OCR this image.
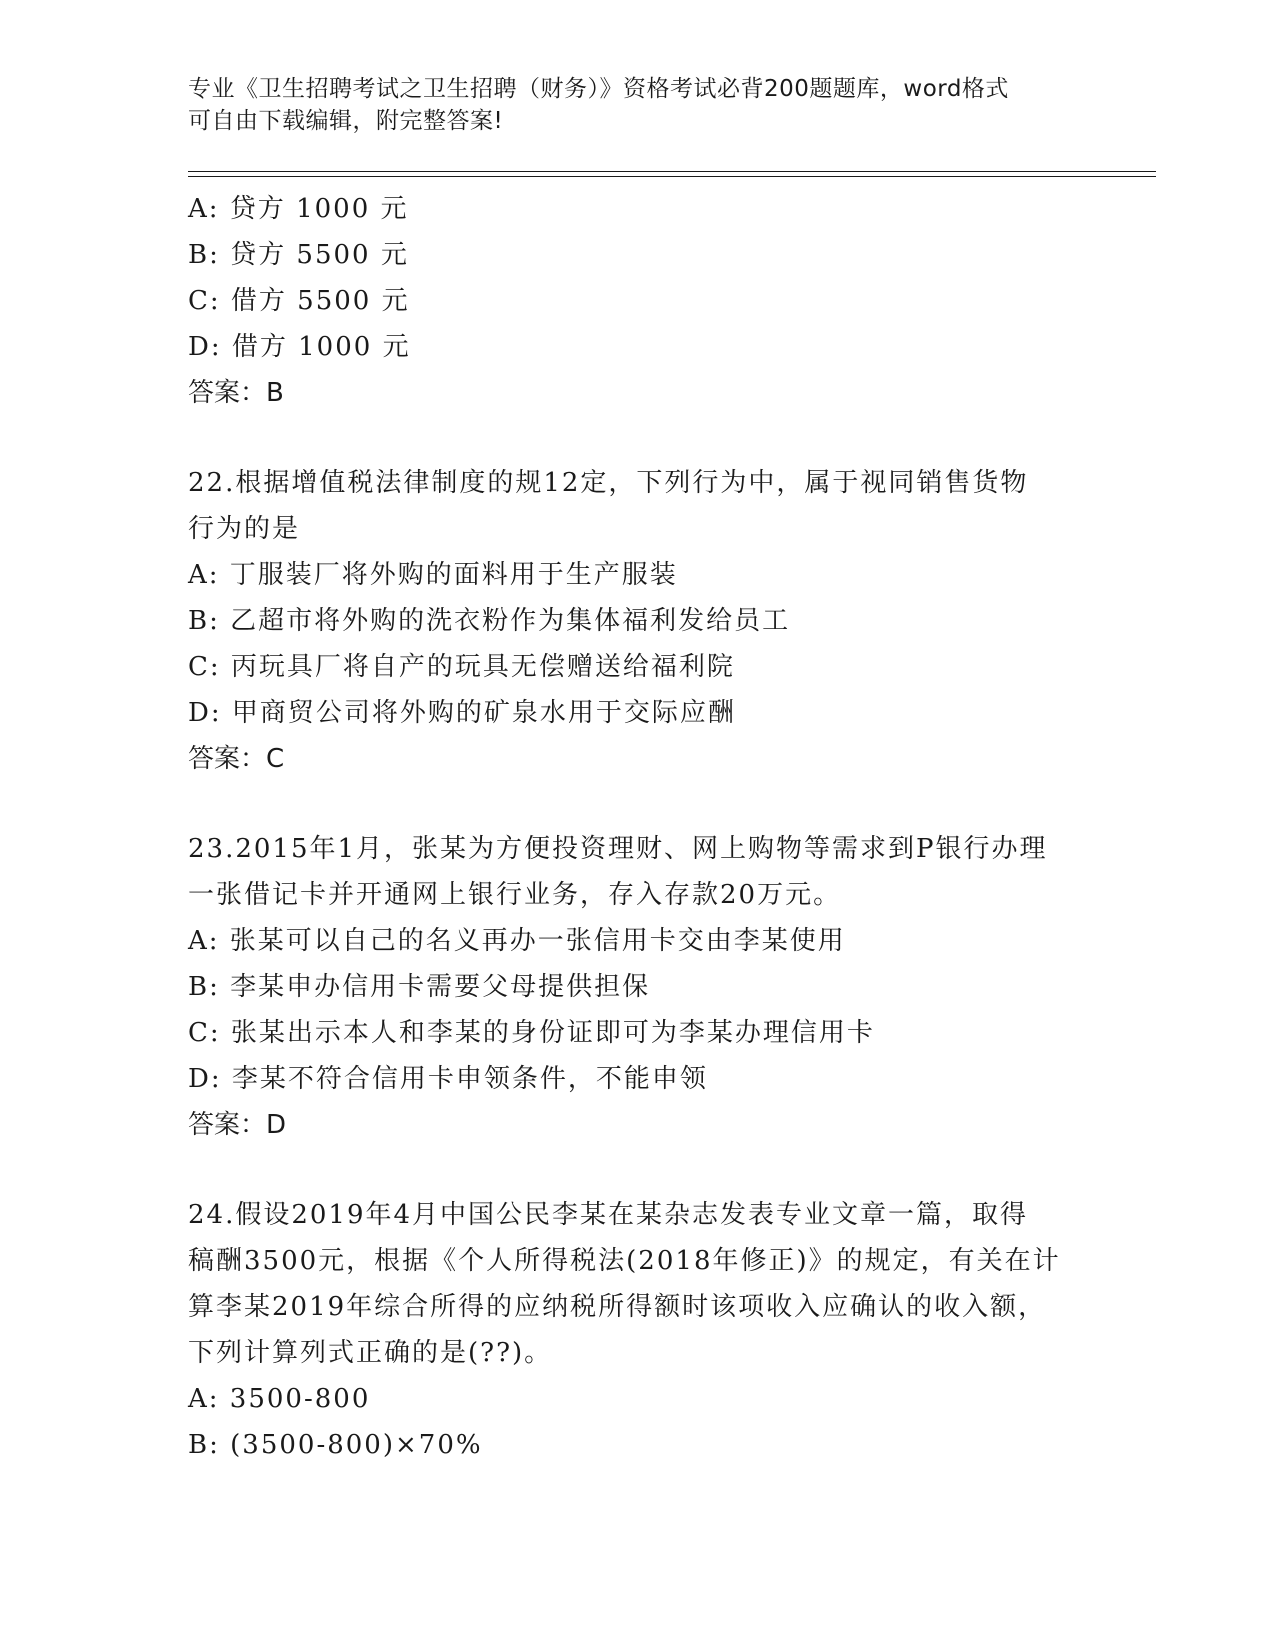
专业《卫生招聘考试之卫生招聘（财务）》资格考试必背200题题库，word格式
可自由下载编辑，附完整答案!
A: 贷方 1000 元
B: 贷方 5500 元
C: 借方 5500 元
D: 借方 1000 元
答案：B
22.根据增值税法律制度的规12定，下列行为中，属于视同销售货物
行为的是
A: 丁服装厂将外购的面料用于生产服装
B: 乙超市将外购的洗衣粉作为集体福利发给员工
C: 丙玩具厂将自产的玩具无偿赠送给福利院
D: 甲商贸公司将外购的矿泉水用于交际应酬
答案：C
23.2015年1月，张某为方便投资理财、网上购物等需求到P银行办理
一张借记卡并开通网上银行业务，存入存款20万元。
A: 张某可以自己的名义再办一张信用卡交由李某使用
B: 李某申办信用卡需要父母提供担保
C: 张某出示本人和李某的身份证即可为李某办理信用卡
D: 李某不符合信用卡申领条件，不能申领
答案：D
24.假设2019年4月中国公民李某在某杂志发表专业文章一篇，取得
稿酬3500元，根据《个人所得税法(2018年修正)》的规定，有关在计
算李某2019年综合所得的应纳税所得额时该项收入应确认的收入额，
下列计算列式正确的是(??)。
A: 3500-800
B: (3500-800)×70%
